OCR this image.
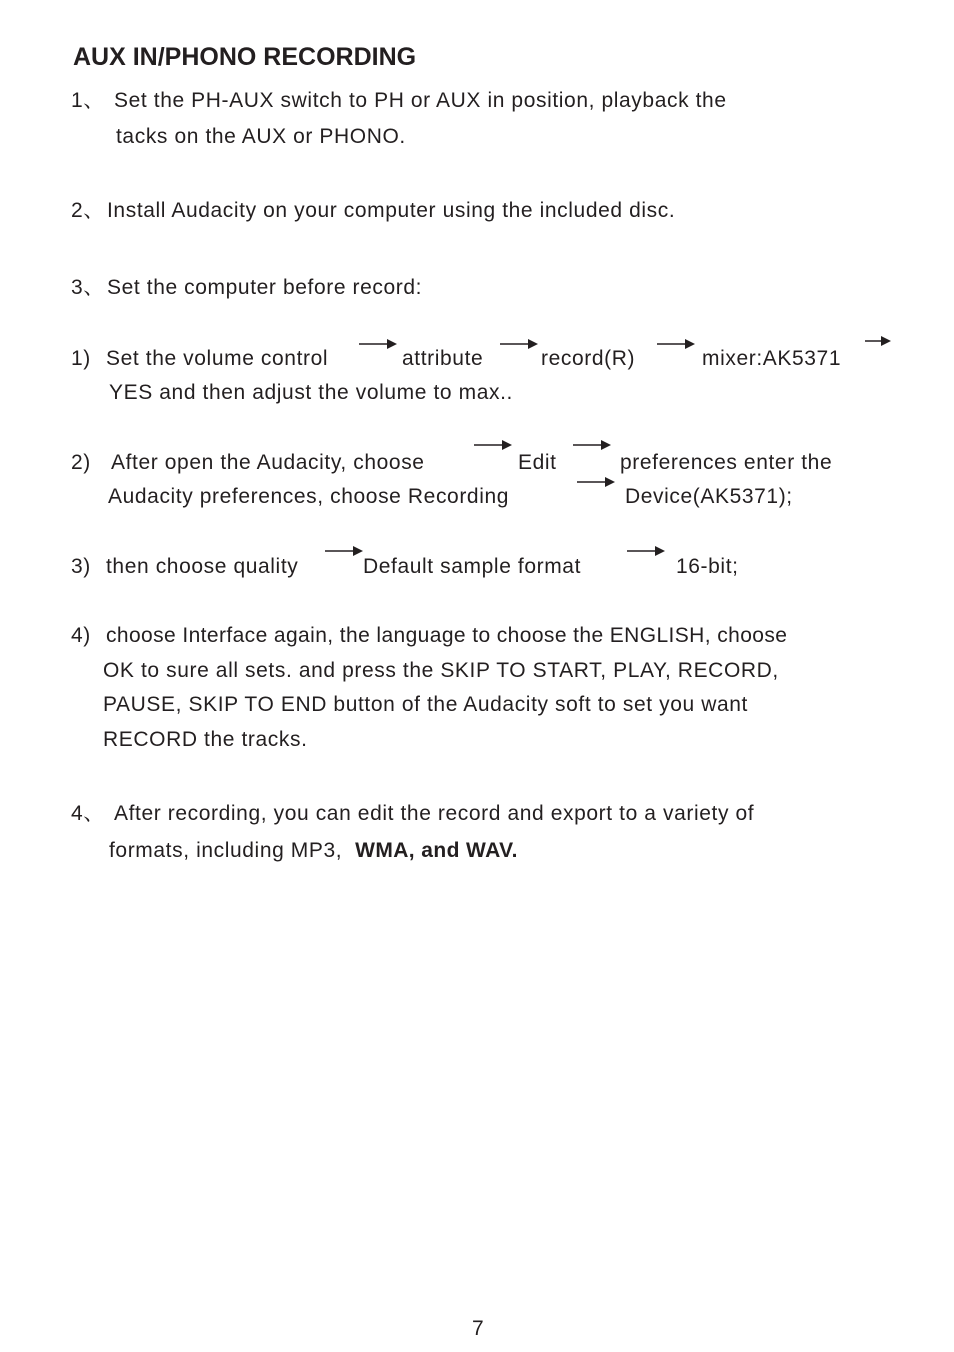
AUX IN/PHONO RECORDING
1、 Set the PH-AUX switch to PH or AUX in position, playback the
tacks on the AUX or PHONO.
2、 Install Audacity on your computer using the included disc.
3、 Set the computer before record:
1) Set the volume control	attribute	record(R)	mixer:AK5371
YES and then adjust the volume to max..
2) After open the Audacity, choose	Edit	preferences enter the
Audacity preferences, choose Recording	Device(AK5371);
3) then choose quality	Default sample format	16-bit;
4) choose Interface again, the language to choose the ENGLISH, choose
OK to sure all sets. and press the SKIP TO START, PLAY, RECORD,
PAUSE, SKIP TO END button of the Audacity soft to set you want
RECORD the tracks.
4、 After recording, you can edit the record and export to a variety of
formats, including MP3, WMA, and WAV.
7
